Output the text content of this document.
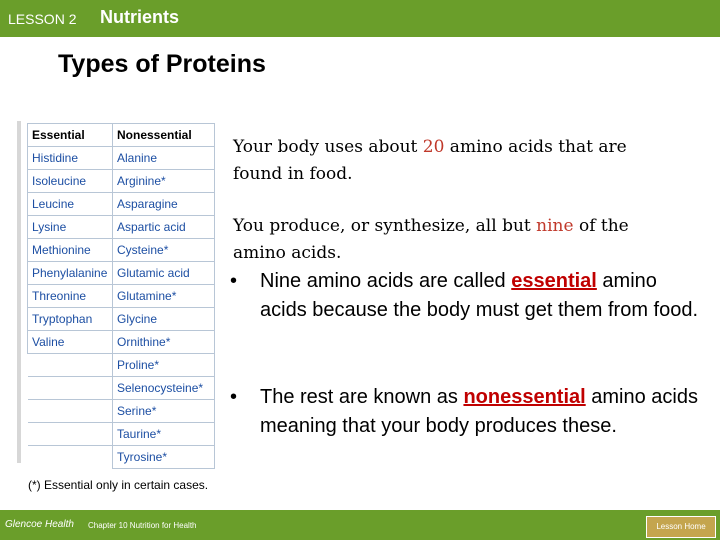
LESSON 2 Nutrients
Types of Proteins
Essential	Nonessential
Histidine	Alanine
Isoleucine	Arginine*
Leucine	Asparagine
Lysine	Aspartic acid
Methionine	Cysteine*
Phenylalanine	Glutamic acid
Threonine	Glutamine*
Tryptophan	Glycine
Valine	Ornithine*
	Proline*
	Selenocysteine*
	Serine*
	Taurine*
	Tyrosine*
(*) Essential only in certain cases.

Your body uses about 20 amino acids that are found in food.

You produce, or synthesize, all but nine of the amino acids.

• Nine amino acids are called essential amino acids because the body must get them from food.
• The rest are known as nonessential amino acids meaning that your body produces these.
Glencoe Health Chapter 10 Nutrition for Health	Lesson Home
